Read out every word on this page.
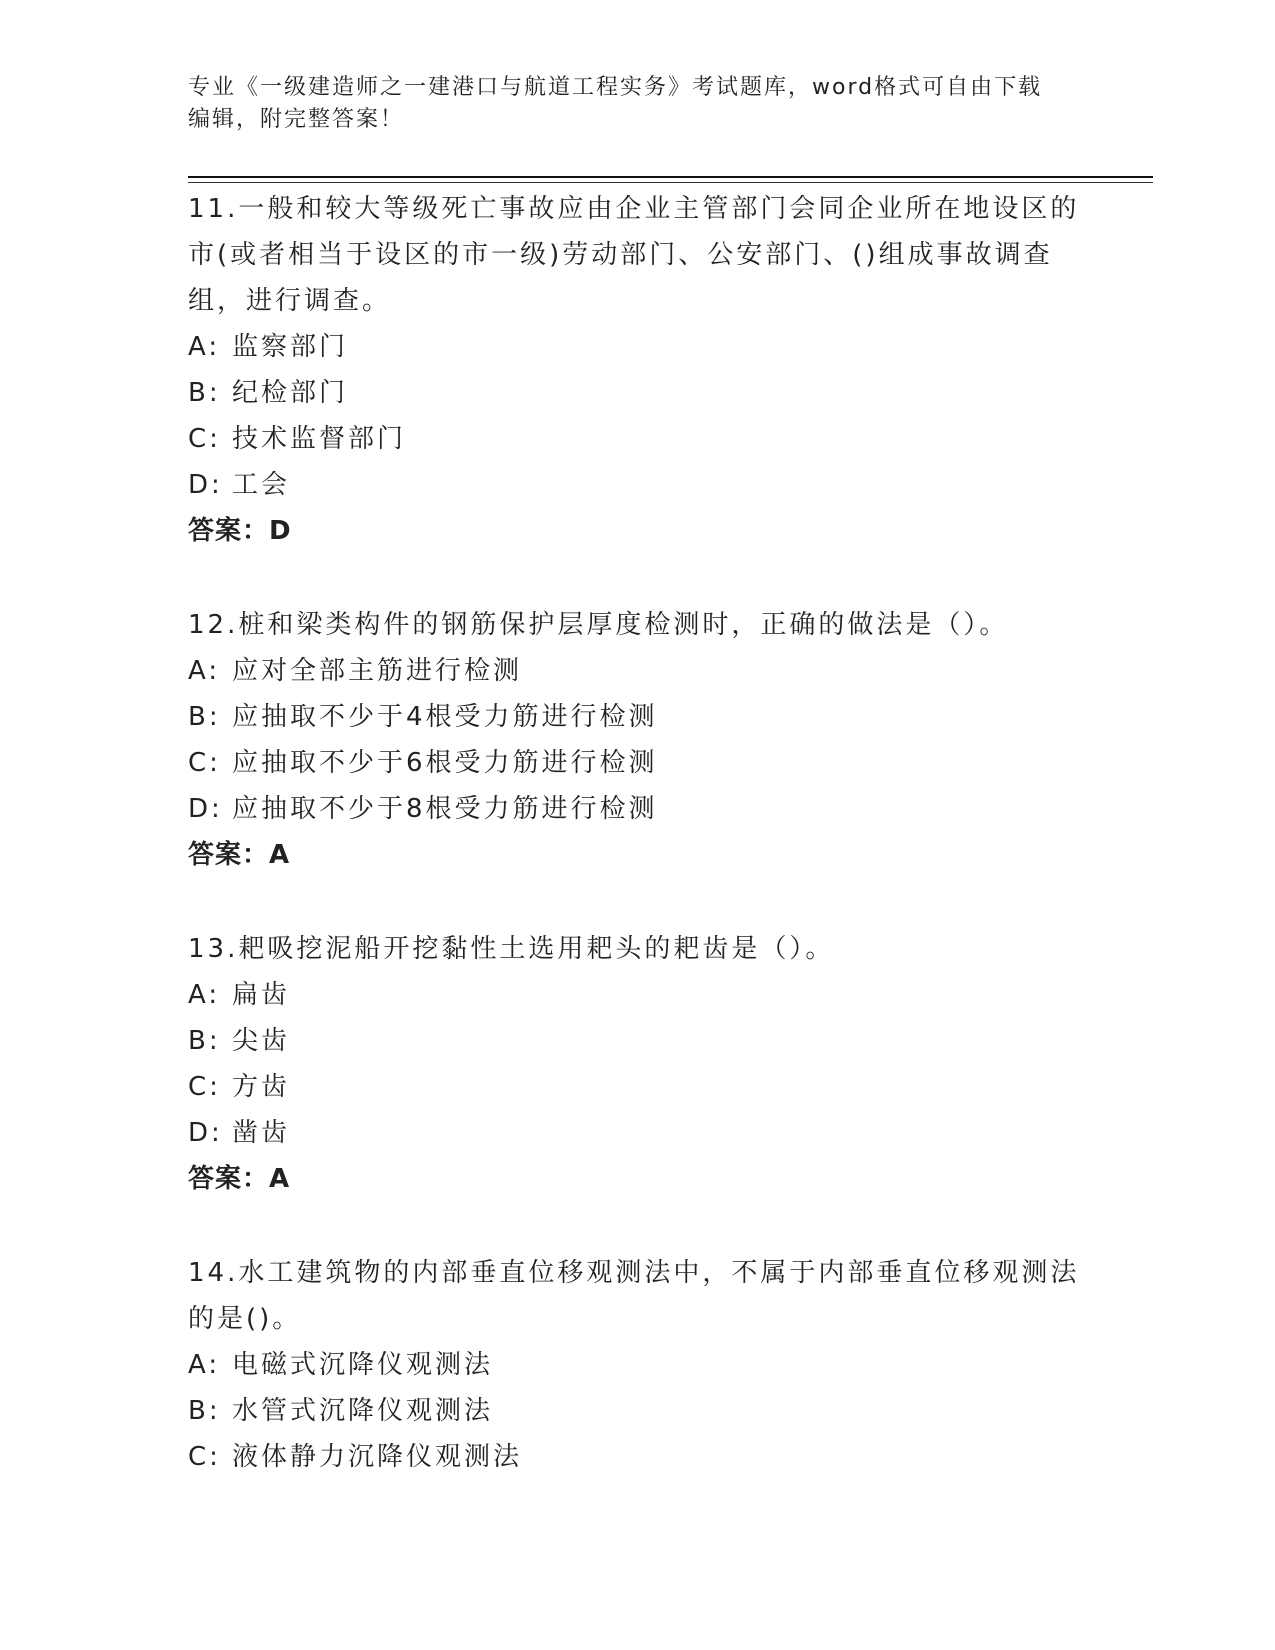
专业《一级建造师之一建港口与航道工程实务》考试题库，word格式可自由下载
编辑，附完整答案！
11.一般和较大等级死亡事故应由企业主管部门会同企业所在地设区的
市(或者相当于设区的市一级)劳动部门、公安部门、()组成事故调查
组，进行调查。
A: 监察部门
B: 纪检部门
C: 技术监督部门
D: 工会
答案：D
12.桩和梁类构件的钢筋保护层厚度检测时，正确的做法是（）。
A: 应对全部主筋进行检测
B: 应抽取不少于4根受力筋进行检测
C: 应抽取不少于6根受力筋进行检测
D: 应抽取不少于8根受力筋进行检测
答案：A
13.耙吸挖泥船开挖黏性土选用耙头的耙齿是（）。
A: 扁齿
B: 尖齿
C: 方齿
D: 凿齿
答案：A
14.水工建筑物的内部垂直位移观测法中，不属于内部垂直位移观测法
的是()。
A: 电磁式沉降仪观测法
B: 水管式沉降仪观测法
C: 液体静力沉降仪观测法
